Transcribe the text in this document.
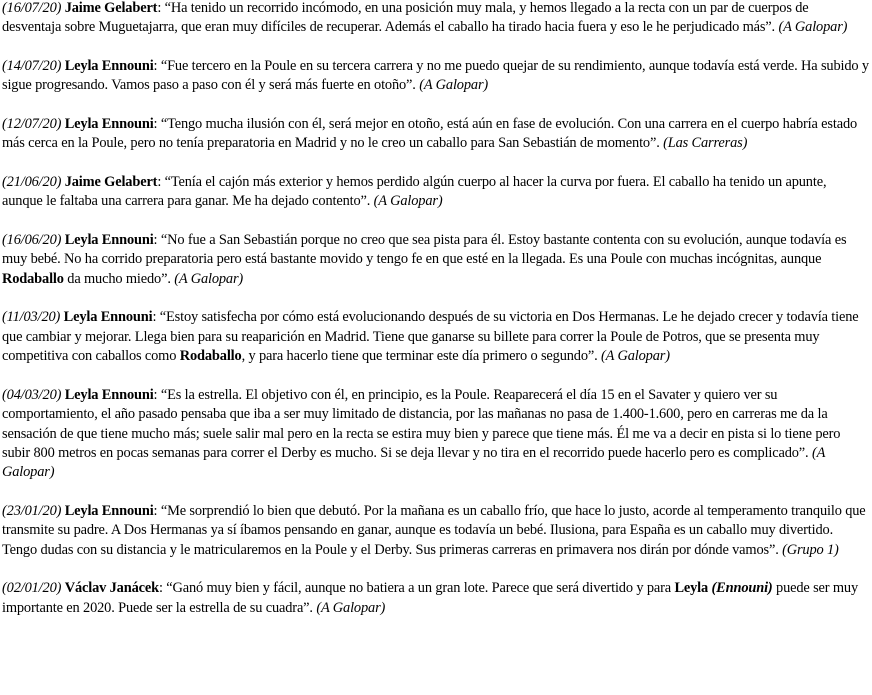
(16/07/20) Jaime Gelabert: “Ha tenido un recorrido incómodo, en una posición muy mala, y hemos llegado a la recta con un par de cuerpos de desventaja sobre Muguetajarra, que eran muy difíciles de recuperar. Además el caballo ha tirado hacia fuera y eso le he perjudicado más”. (A Galopar)

(14/07/20) Leyla Ennouni: “Fue tercero en la Poule en su tercera carrera y no me puedo quejar de su rendimiento, aunque todavía está verde. Ha subido y sigue progresando. Vamos paso a paso con él y será más fuerte en otoño”. (A Galopar)

(12/07/20) Leyla Ennouni: “Tengo mucha ilusión con él, será mejor en otoño, está aún en fase de evolución. Con una carrera en el cuerpo habría estado más cerca en la Poule, pero no tenía preparatoria en Madrid y no le creo un caballo para San Sebastián de momento”. (Las Carreras)

(21/06/20) Jaime Gelabert: “Tenía el cajón más exterior y hemos perdido algún cuerpo al hacer la curva por fuera. El caballo ha tenido un apunte, aunque le faltaba una carrera para ganar. Me ha dejado contento”. (A Galopar)

(16/06/20) Leyla Ennouni: “No fue a San Sebastián porque no creo que sea pista para él. Estoy bastante contenta con su evolución, aunque todavía es muy bebé. No ha corrido preparatoria pero está bastante movido y tengo fe en que esté en la llegada. Es una Poule con muchas incógnitas, aunque Rodaballo da mucho miedo”. (A Galopar)

(11/03/20) Leyla Ennouni: “Estoy satisfecha por cómo está evolucionando después de su victoria en Dos Hermanas. Le he dejado crecer y todavía tiene que cambiar y mejorar. Llega bien para su reaparición en Madrid. Tiene que ganarse su billete para correr la Poule de Potros, que se presenta muy competitiva con caballos como Rodaballo, y para hacerlo tiene que terminar este día primero o segundo”. (A Galopar)

(04/03/20) Leyla Ennouni: “Es la estrella. El objetivo con él, en principio, es la Poule. Reaparecerá el día 15 en el Savater y quiero ver su comportamiento, el año pasado pensaba que iba a ser muy limitado de distancia, por las mañanas no pasa de 1.400-1.600, pero en carreras me da la sensación de que tiene mucho más; suele salir mal pero en la recta se estira muy bien y parece que tiene más. Él me va a decir en pista si lo tiene pero subir 800 metros en pocas semanas para correr el Derby es mucho. Si se deja llevar y no tira en el recorrido puede hacerlo pero es complicado”. (A Galopar)

(23/01/20) Leyla Ennouni: “Me sorprendió lo bien que debutó. Por la mañana es un caballo frío, que hace lo justo, acorde al temperamento tranquilo que transmite su padre. A Dos Hermanas ya sí íbamos pensando en ganar, aunque es todavía un bebé. Ilusiona, para España es un caballo muy divertido. Tengo dudas con su distancia y le matricularemos en la Poule y el Derby. Sus primeras carreras en primavera nos dirán por dónde vamos”. (Grupo 1)

(02/01/20) Václav Janácek: “Ganó muy bien y fácil, aunque no batiera a un gran lote. Parece que será divertido y para Leyla (Ennouni) puede ser muy importante en 2020. Puede ser la estrella de su cuadra”. (A Galopar)
